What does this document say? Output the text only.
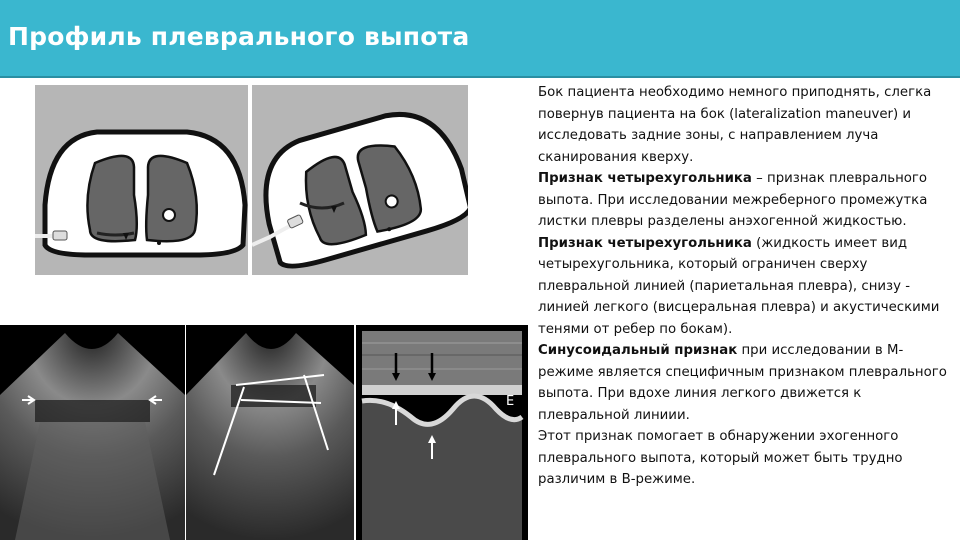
Профиль плеврального выпота
E

Бок пациента необходимо немного приподнять, слегка повернув пациента на бок (lateralization maneuver) и исследовать задние зоны, с направлением луча сканирования кверху.

Признак четырехугольника – признак плеврального выпота. При исследовании межреберного промежутка листки плевры разделены анэхогенной жидкостью.

Признак четырехугольника (жидкость имеет вид четырехугольника, который ограничен сверху плевральной линией (париетальная плевра), снизу - линией легкого (висцеральная плевра) и акустическими тенями от ребер по бокам).

Синусоидальный признак при исследовании в М-режиме является специфичным признаком плеврального выпота. При вдохе линия легкого движется к плевральной линиии.

Этот признак помогает в обнаружении эхогенного плеврального выпота, который может быть трудно различим в В-режиме.
